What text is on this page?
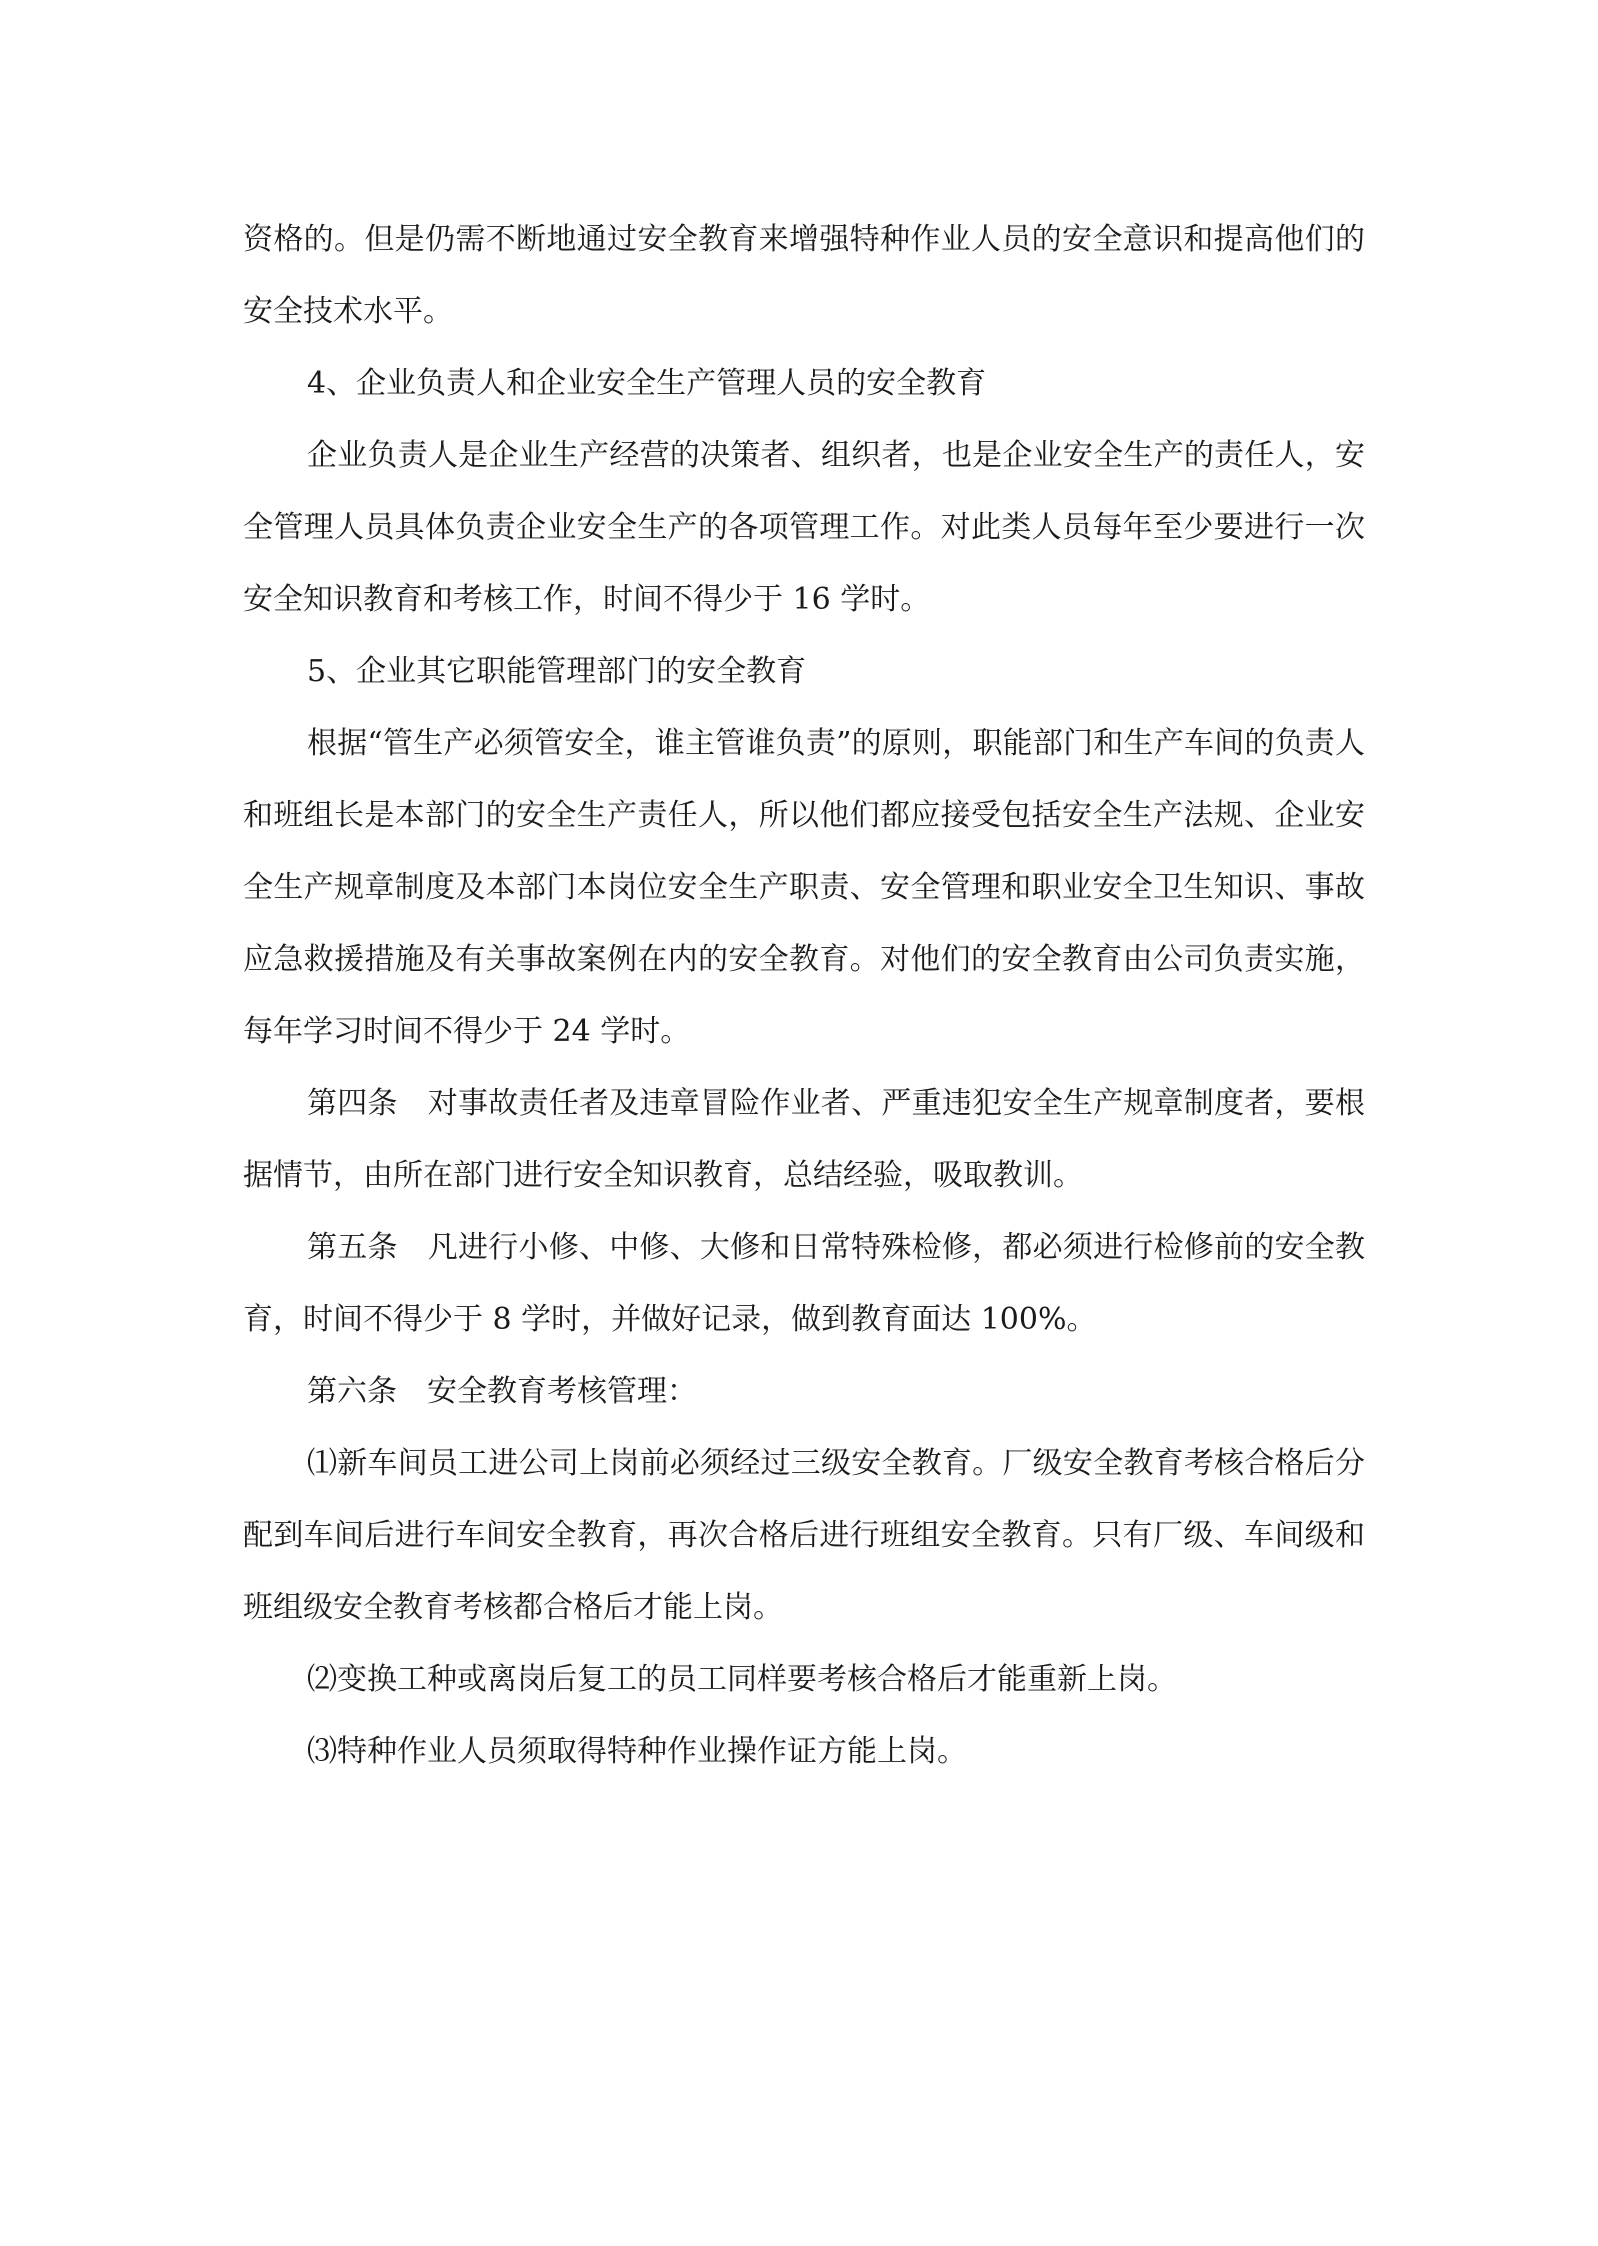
资格的。但是仍需不断地通过安全教育来增强特种作业人员的安全意识和提高他们的安全技术水平。

4、企业负责人和企业安全生产管理人员的安全教育

企业负责人是企业生产经营的决策者、组织者，也是企业安全生产的责任人，安全管理人员具体负责企业安全生产的各项管理工作。对此类人员每年至少要进行一次安全知识教育和考核工作，时间不得少于 16 学时。

5、企业其它职能管理部门的安全教育

根据“管生产必须管安全，谁主管谁负责”的原则，职能部门和生产车间的负责人和班组长是本部门的安全生产责任人，所以他们都应接受包括安全生产法规、企业安全生产规章制度及本部门本岗位安全生产职责、安全管理和职业安全卫生知识、事故应急救援措施及有关事故案例在内的安全教育。对他们的安全教育由公司负责实施，每年学习时间不得少于 24 学时。

第四条 对事故责任者及违章冒险作业者、严重违犯安全生产规章制度者，要根据情节，由所在部门进行安全知识教育，总结经验，吸取教训。

第五条 凡进行小修、中修、大修和日常特殊检修，都必须进行检修前的安全教育，时间不得少于 8 学时，并做好记录，做到教育面达 100%。

第六条 安全教育考核管理：

⑴新车间员工进公司上岗前必须经过三级安全教育。厂级安全教育考核合格后分配到车间后进行车间安全教育，再次合格后进行班组安全教育。只有厂级、车间级和班组级安全教育考核都合格后才能上岗。

⑵变换工种或离岗后复工的员工同样要考核合格后才能重新上岗。

⑶特种作业人员须取得特种作业操作证方能上岗。
